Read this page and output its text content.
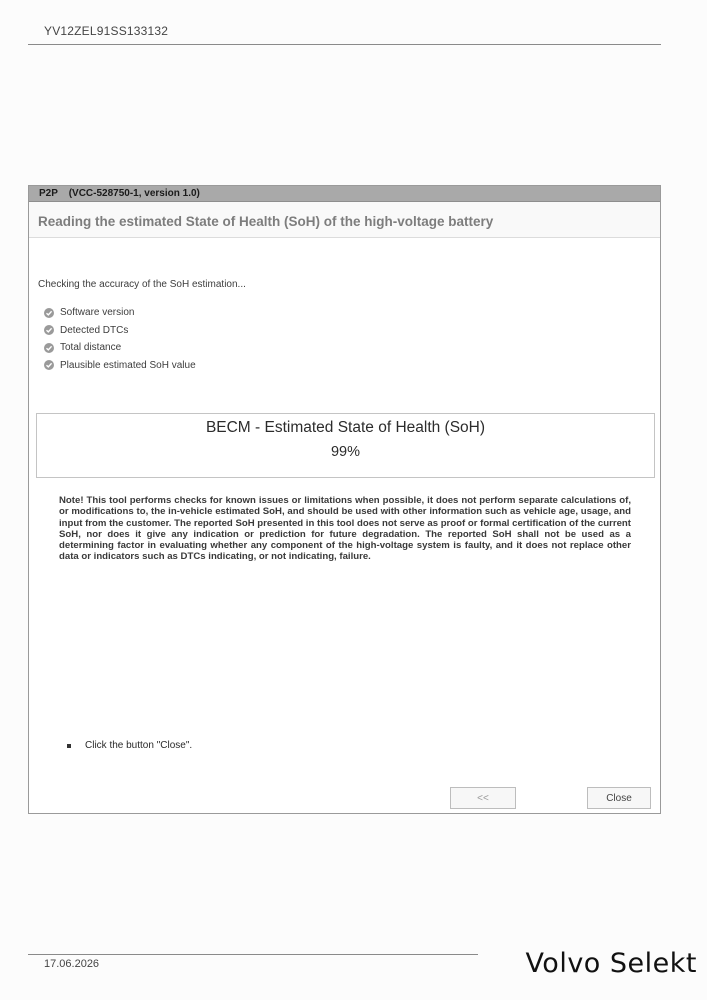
YV12ZEL91SS133132
P2P (VCC-528750-1, version 1.0)
Reading the estimated State of Health (SoH) of the high-voltage battery
Checking the accuracy of the SoH estimation...
Software version
Detected DTCs
Total distance
Plausible estimated SoH value
BECM - Estimated State of Health (SoH)
99%
Note! This tool performs checks for known issues or limitations when possible, it does not perform separate calculations of, or modifications to, the in-vehicle estimated SoH, and should be used with other information such as vehicle age, usage, and input from the customer. The reported SoH presented in this tool does not serve as proof or formal certification of the current SoH, nor does it give any indication or prediction for future degradation. The reported SoH shall not be used as a determining factor in evaluating whether any component of the high-voltage system is faulty, and it does not replace other data or indicators such as DTCs indicating, or not indicating, failure.
Click the button "Close".
<<	Close
17.06.2026	Volvo Selekt
